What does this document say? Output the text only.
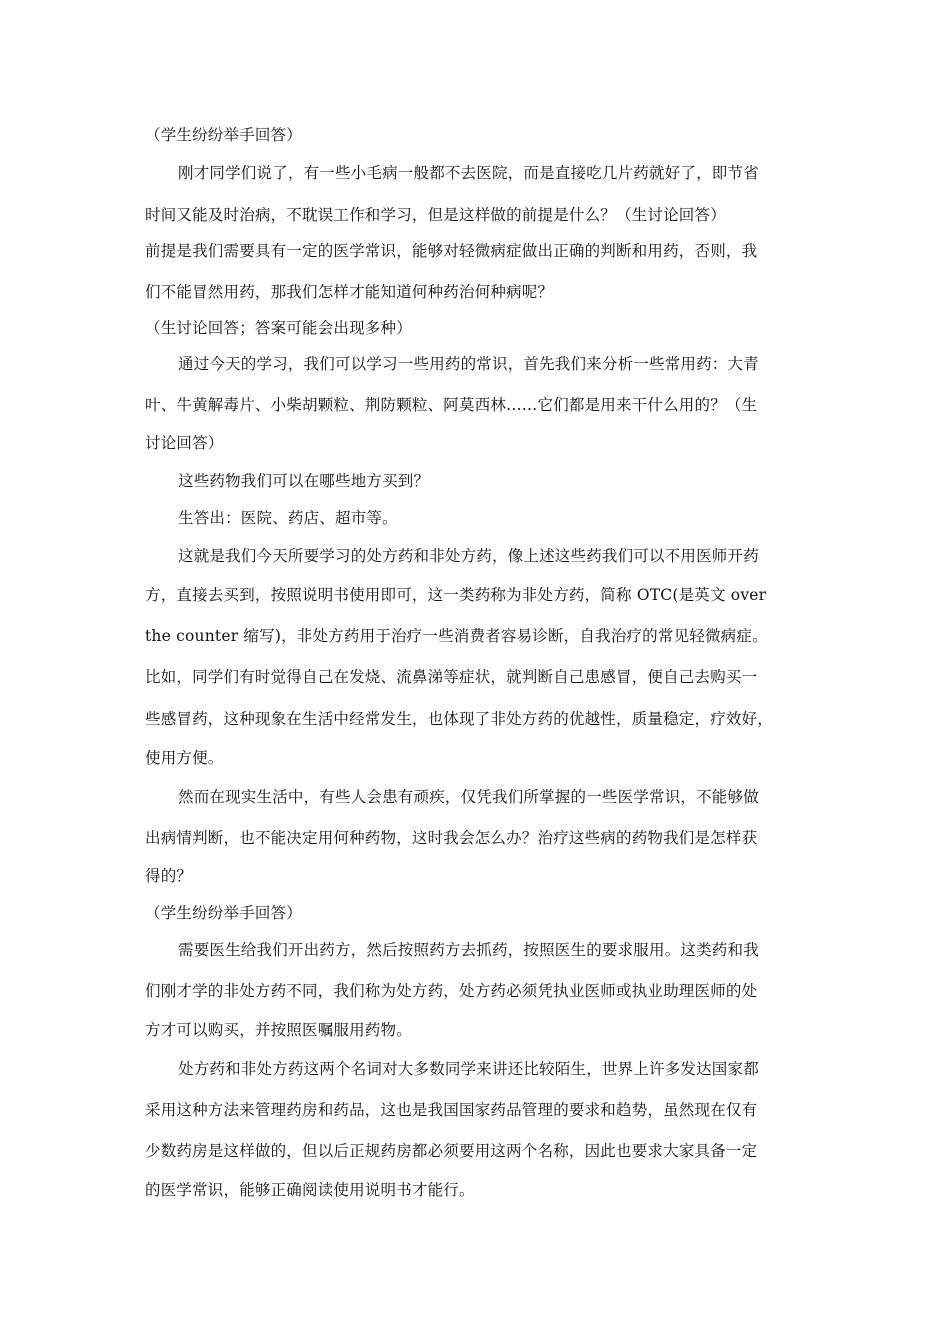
（学生纷纷举手回答）
刚才同学们说了，有一些小毛病一般都不去医院，而是直接吃几片药就好了，即节省
时间又能及时治病，不耽误工作和学习，但是这样做的前提是什么？（生讨论回答）
前提是我们需要具有一定的医学常识，能够对轻微病症做出正确的判断和用药，否则，我
们不能冒然用药，那我们怎样才能知道何种药治何种病呢？
（生讨论回答；答案可能会出现多种）
通过今天的学习，我们可以学习一些用药的常识，首先我们来分析一些常用药：大青
叶、牛黄解毒片、小柴胡颗粒、荆防颗粒、阿莫西林……它们都是用来干什么用的？（生
讨论回答）
这些药物我们可以在哪些地方买到？
生答出：医院、药店、超市等。
这就是我们今天所要学习的处方药和非处方药，像上述这些药我们可以不用医师开药
方，直接去买到，按照说明书使用即可，这一类药称为非处方药，简称 OTC(是英文 over
the counter 缩写)，非处方药用于治疗一些消费者容易诊断，自我治疗的常见轻微病症。
比如，同学们有时觉得自己在发烧、流鼻涕等症状，就判断自己患感冒，便自己去购买一
些感冒药，这种现象在生活中经常发生，也体现了非处方药的优越性，质量稳定，疗效好，
使用方便。
然而在现实生活中，有些人会患有顽疾，仅凭我们所掌握的一些医学常识，不能够做
出病情判断，也不能决定用何种药物，这时我会怎么办？治疗这些病的药物我们是怎样获
得的？
（学生纷纷举手回答）
需要医生给我们开出药方，然后按照药方去抓药，按照医生的要求服用。这类药和我
们刚才学的非处方药不同，我们称为处方药，处方药必须凭执业医师或执业助理医师的处
方才可以购买，并按照医嘱服用药物。
处方药和非处方药这两个名词对大多数同学来讲还比较陌生，世界上许多发达国家都
采用这种方法来管理药房和药品，这也是我国国家药品管理的要求和趋势，虽然现在仅有
少数药房是这样做的，但以后正规药房都必须要用这两个名称，因此也要求大家具备一定
的医学常识，能够正确阅读使用说明书才能行。
